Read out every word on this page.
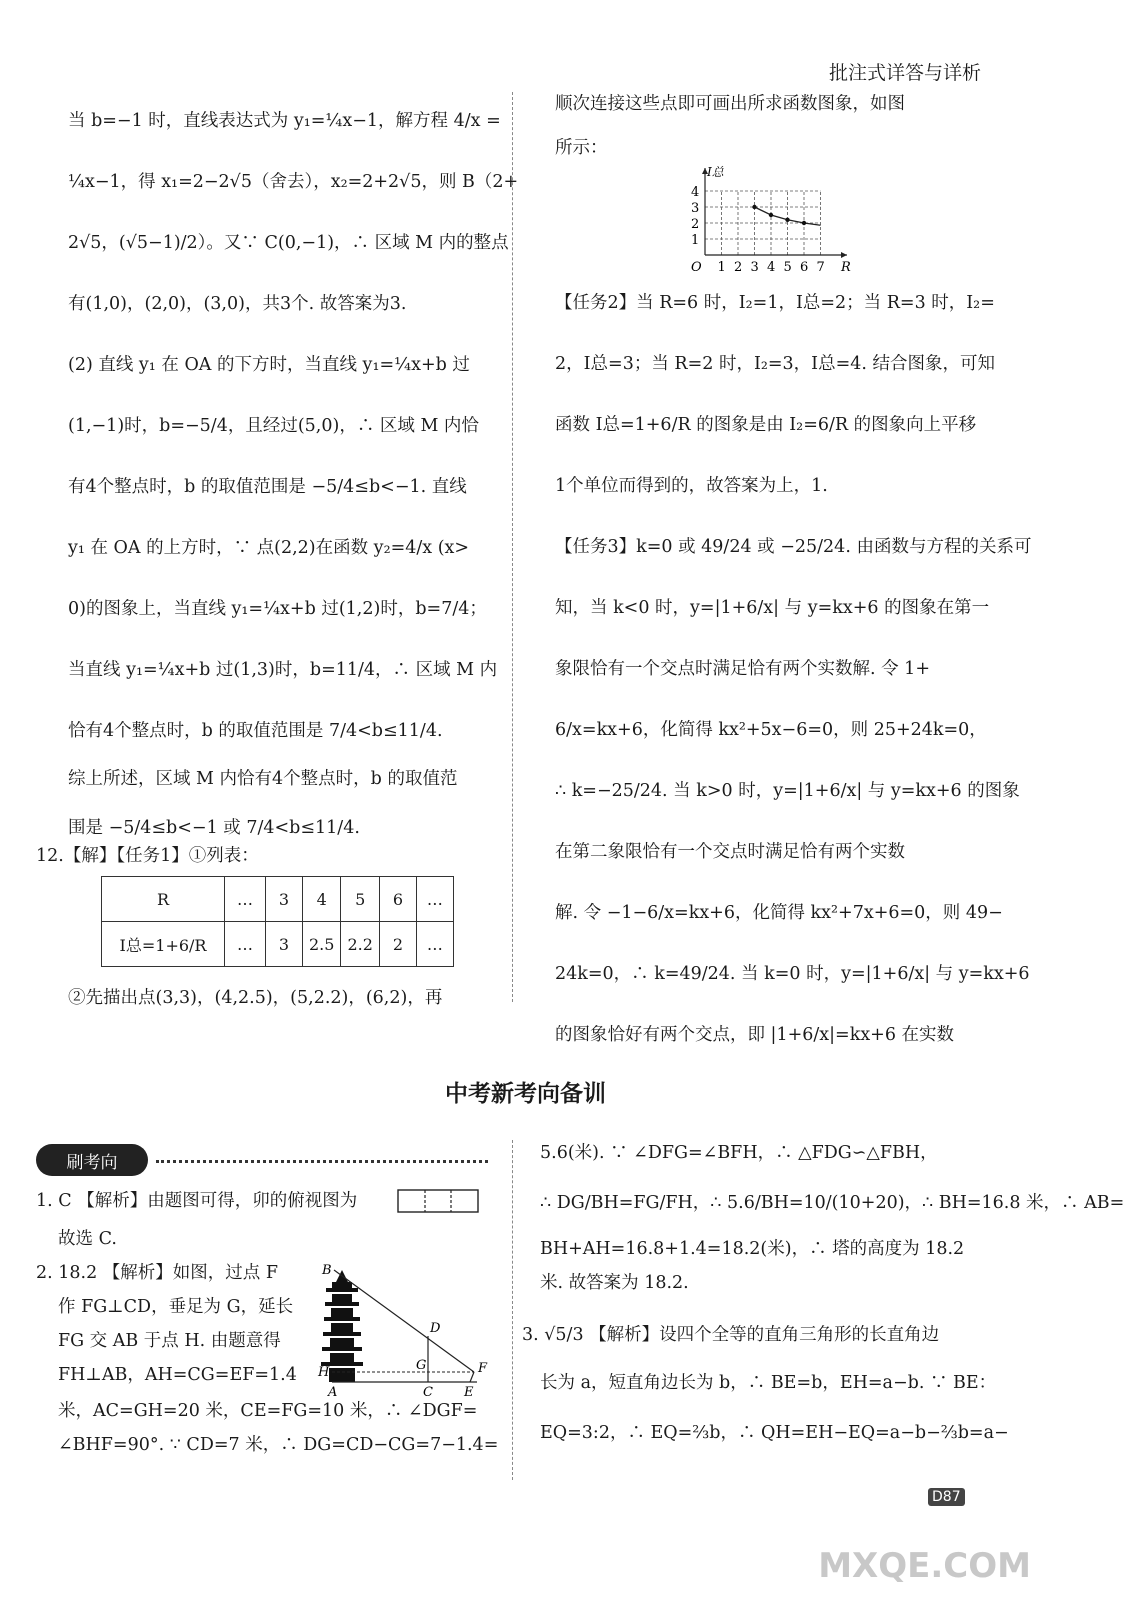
批注式详答与详析
当 b=−1 时，直线表达式为 y₁=¼x−1，解方程 4/x =
¼x−1，得 x₁=2−2√5（舍去），x₂=2+2√5，则 B（2+
2√5，(√5−1)/2）。又∵ C(0,−1)，∴ 区域 M 内的整点
有(1,0)，(2,0)，(3,0)，共3个. 故答案为3.
(2) 直线 y₁ 在 OA 的下方时，当直线 y₁=¼x+b 过
(1,−1)时，b=−5/4，且经过(5,0)，∴ 区域 M 内恰
有4个整点时，b 的取值范围是 −5/4≤b<−1. 直线
y₁ 在 OA 的上方时，∵ 点(2,2)在函数 y₂=4/x (x>
0)的图象上，当直线 y₁=¼x+b 过(1,2)时，b=7/4；
当直线 y₁=¼x+b 过(1,3)时，b=11/4，∴ 区域 M 内
恰有4个整点时，b 的取值范围是 7/4<b≤11/4.
综上所述，区域 M 内恰有4个整点时，b 的取值范
围是 −5/4≤b<−1 或 7/4<b≤11/4.
12.【解】【任务1】①列表：
R	…	3	4	5	6	…
I总=1+6/R	…	3	2.5	2.2	2	…
②先描出点(3,3)，(4,2.5)，(5,2.2)，(6,2)，再
顺次连接这些点即可画出所求函数图象，如图
所示：
O	R
I总
1 2 3 4 5 6 7
1
2
3
4
【任务2】当 R=6 时，I₂=1，I总=2；当 R=3 时，I₂=
2，I总=3；当 R=2 时，I₂=3，I总=4. 结合图象，可知
函数 I总=1+6/R 的图象是由 I₂=6/R 的图象向上平移
1个单位而得到的，故答案为上，1.
【任务3】k=0 或 49/24 或 −25/24. 由函数与方程的关系可
知，当 k<0 时，y=|1+6/x| 与 y=kx+6 的图象在第一
象限恰有一个交点时满足恰有两个实数解. 令 1+
6/x=kx+6，化简得 kx²+5x−6=0，则 25+24k=0，
∴ k=−25/24. 当 k>0 时，y=|1+6/x| 与 y=kx+6 的图象
在第二象限恰有一个交点时满足恰有两个实数
解. 令 −1−6/x=kx+6，化简得 kx²+7x+6=0，则 49−
24k=0，∴ k=49/24. 当 k=0 时，y=|1+6/x| 与 y=kx+6
的图象恰好有两个交点，即 |1+6/x|=kx+6 在实数
中考新考向备训
刷考向
1. C 【解析】由题图可得，卯的俯视图为
故选 C.
2. 18.2 【解析】如图，过点 F
作 FG⊥CD，垂足为 G，延长
FG 交 AB 于点 H. 由题意得
FH⊥AB，AH=CG=EF=1.4
米，AC=GH=20 米，CE=FG=10 米，∴ ∠DGF=
∠BHF=90°. ∵ CD=7 米，∴ DG=CD−CG=7−1.4=
B
D
G
H
A	C E
F
5.6(米). ∵ ∠DFG=∠BFH，∴ △FDG∽△FBH，
∴ DG/BH=FG/FH，∴ 5.6/BH=10/(10+20)，∴ BH=16.8 米，∴ AB=
BH+AH=16.8+1.4=18.2(米)，∴ 塔的高度为 18.2
米. 故答案为 18.2.
3. √5/3 【解析】设四个全等的直角三角形的长直角边
长为 a，短直角边长为 b，∴ BE=b，EH=a−b. ∵ BE：
EQ=3:2，∴ EQ=⅔b，∴ QH=EH−EQ=a−b−⅔b=a−
D87
MXQE.COM
